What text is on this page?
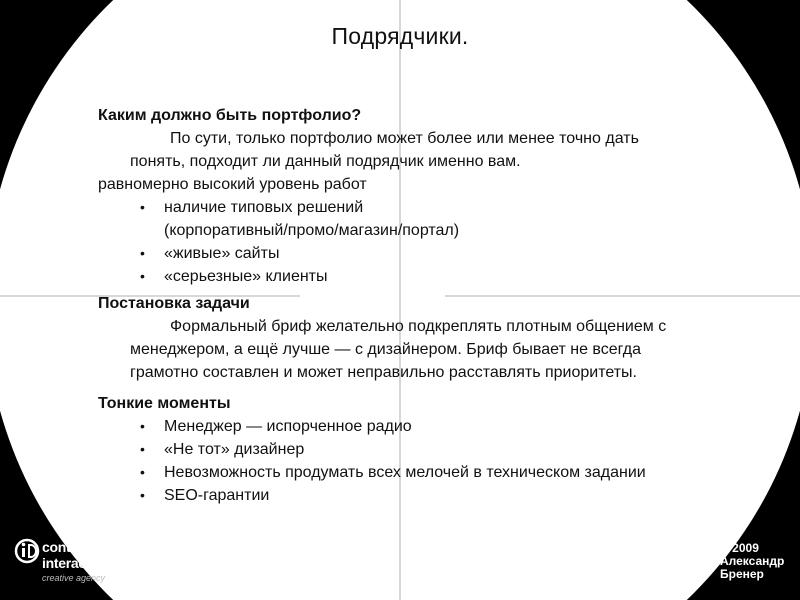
Подрядчики.
Каким должно быть портфолио?
По сути, только портфолио может более или менее точно дать
понять, подходит ли данный подрядчик именно вам.
равномерно высокий уровень работ
• наличие типовых решений
(корпоративный/промо/магазин/портал)
• «живые» сайты
• «серьезные» клиенты
Постановка задачи
Формальный бриф желательно подкреплять плотным общением с
менеджером, а ещё лучше — с дизайнером. Бриф бывает не всегда
грамотно составлен и может неправильно расставлять приоритеты.
Тонкие моменты
• Менеджер — испорченное радио
• «Не тот» дизайнер
• Невозможность продумать всех мелочей в техническом задании
• SEO-гарантии
contrast
interactive
creative agency
© 2009
Александр
Бренер
